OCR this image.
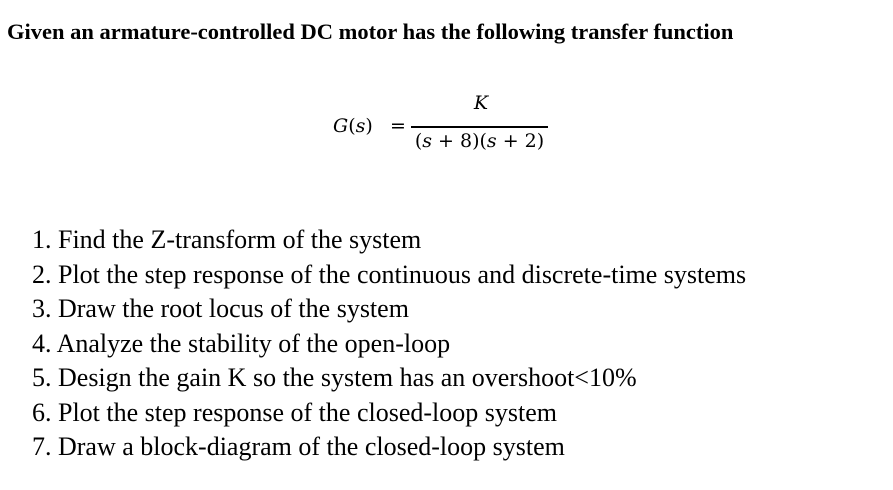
Given an armature-controlled DC motor has the following transfer function
G(s) =
K
(s + 8)(s + 2)
1. Find the Z-transform of the system
2. Plot the step response of the continuous and discrete-time systems
3. Draw the root locus of the system
4. Analyze the stability of the open-loop
5. Design the gain K so the system has an overshoot<10%
6. Plot the step response of the closed-loop system
7. Draw a block-diagram of the closed-loop system
